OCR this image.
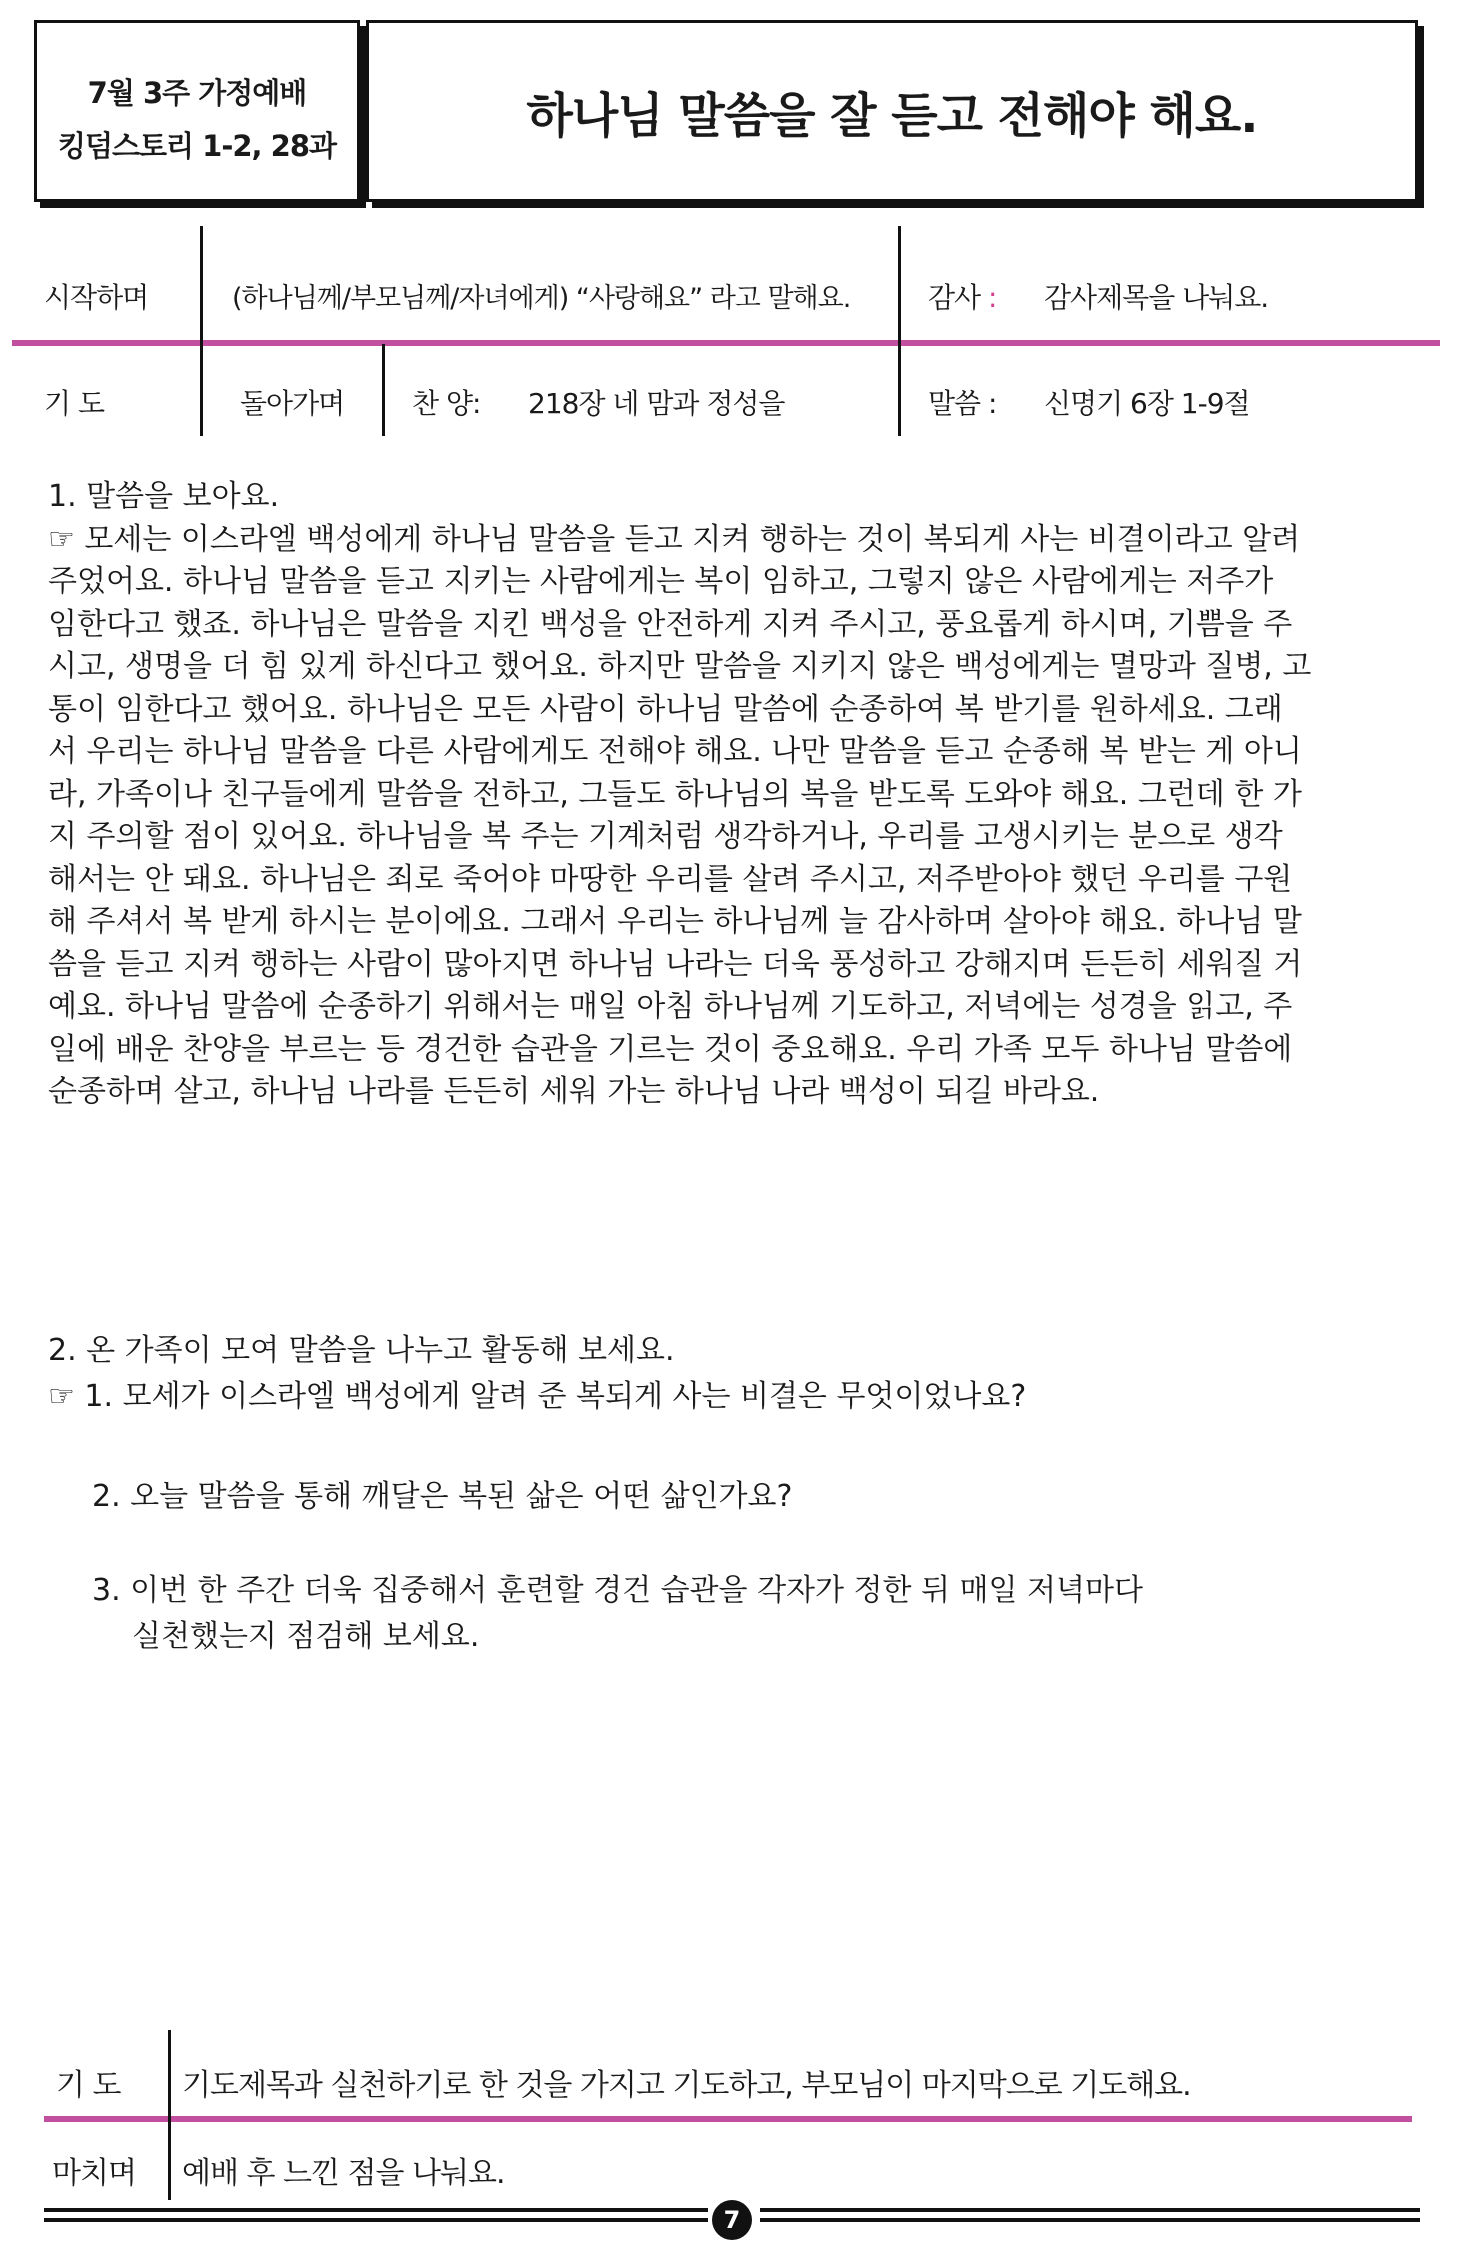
7월 3주 가정예배
킹덤스토리 1-2, 28과
하나님 말씀을 잘 듣고 전해야 해요.
시작하며	(하나님께/부모님께/자녀에게) “사랑해요” 라고 말해요.	감사 : 감사제목을 나눠요.
기 도	돌아가며 찬 양: 218장 네 맘과 정성을	말씀 : 신명기 6장 1-9절
1. 말씀을 보아요.
☞ 모세는 이스라엘 백성에게 하나님 말씀을 듣고 지켜 행하는 것이 복되게 사는 비결이라고 알려
주었어요. 하나님 말씀을 듣고 지키는 사람에게는 복이 임하고, 그렇지 않은 사람에게는 저주가
임한다고 했죠. 하나님은 말씀을 지킨 백성을 안전하게 지켜 주시고, 풍요롭게 하시며, 기쁨을 주
시고, 생명을 더 힘 있게 하신다고 했어요. 하지만 말씀을 지키지 않은 백성에게는 멸망과 질병, 고
통이 임한다고 했어요. 하나님은 모든 사람이 하나님 말씀에 순종하여 복 받기를 원하세요. 그래
서 우리는 하나님 말씀을 다른 사람에게도 전해야 해요. 나만 말씀을 듣고 순종해 복 받는 게 아니
라, 가족이나 친구들에게 말씀을 전하고, 그들도 하나님의 복을 받도록 도와야 해요. 그런데 한 가
지 주의할 점이 있어요. 하나님을 복 주는 기계처럼 생각하거나, 우리를 고생시키는 분으로 생각
해서는 안 돼요. 하나님은 죄로 죽어야 마땅한 우리를 살려 주시고, 저주받아야 했던 우리를 구원
해 주셔서 복 받게 하시는 분이에요. 그래서 우리는 하나님께 늘 감사하며 살아야 해요. 하나님 말
씀을 듣고 지켜 행하는 사람이 많아지면 하나님 나라는 더욱 풍성하고 강해지며 든든히 세워질 거
예요. 하나님 말씀에 순종하기 위해서는 매일 아침 하나님께 기도하고, 저녁에는 성경을 읽고, 주
일에 배운 찬양을 부르는 등 경건한 습관을 기르는 것이 중요해요. 우리 가족 모두 하나님 말씀에
순종하며 살고, 하나님 나라를 든든히 세워 가는 하나님 나라 백성이 되길 바라요.
2. 온 가족이 모여 말씀을 나누고 활동해 보세요.
☞ 1. 모세가 이스라엘 백성에게 알려 준 복되게 사는 비결은 무엇이었나요?
2. 오늘 말씀을 통해 깨달은 복된 삶은 어떤 삶인가요?
3. 이번 한 주간 더욱 집중해서 훈련할 경건 습관을 각자가 정한 뒤 매일 저녁마다
실천했는지 점검해 보세요.
기 도 기도제목과 실천하기로 한 것을 가지고 기도하고, 부모님이 마지막으로 기도해요.
마치며 예배 후 느낀 점을 나눠요.
7
